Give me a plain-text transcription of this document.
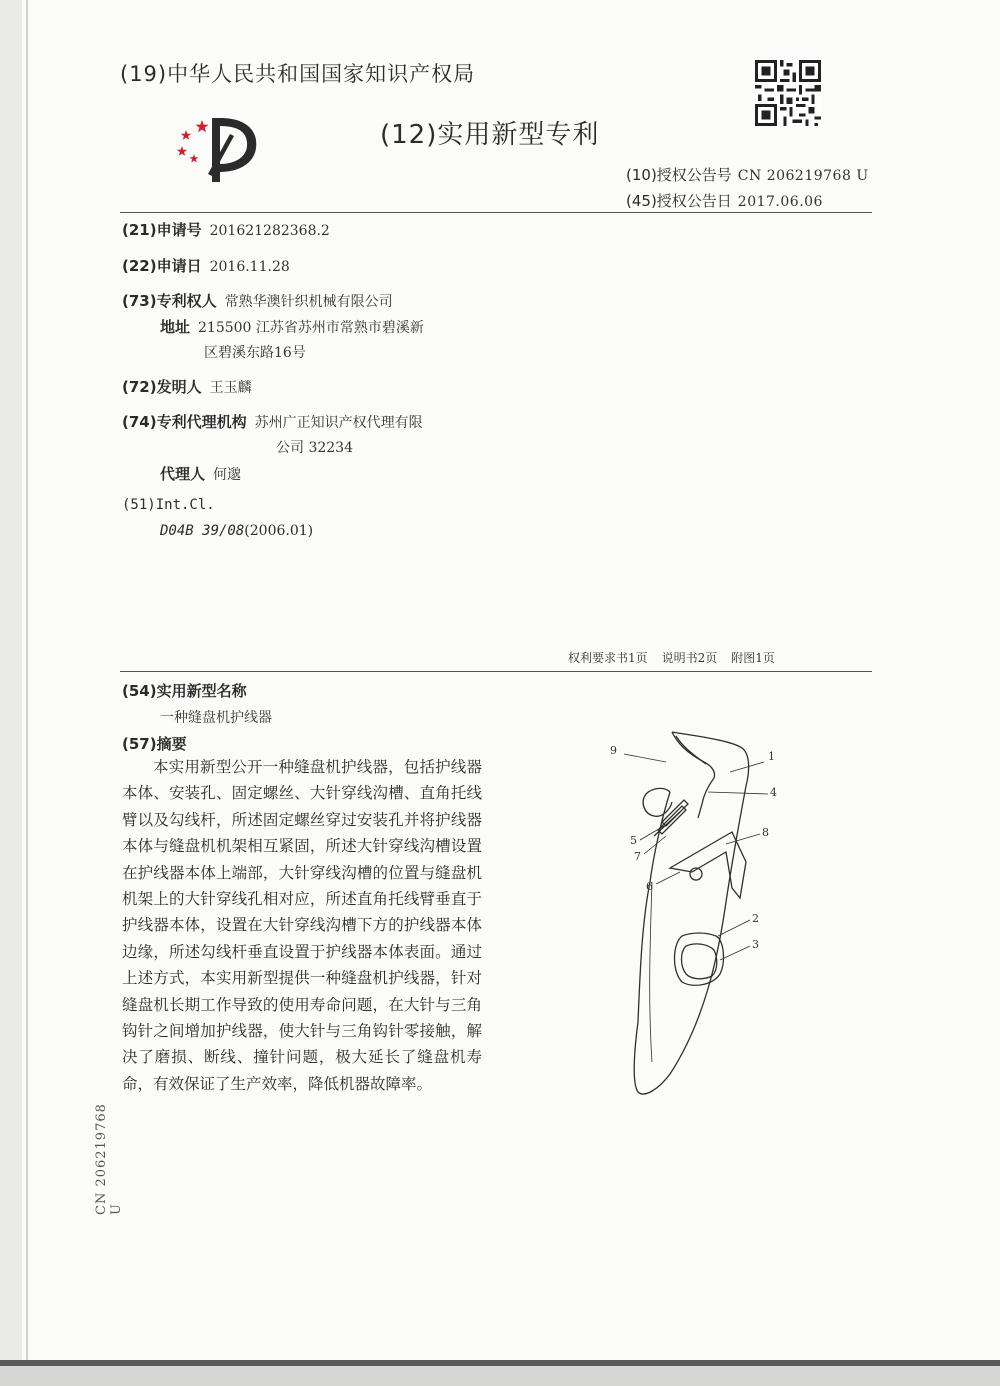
(19)中华人民共和国国家知识产权局
(12)实用新型专利
(10)授权公告号 CN 206219768 U
(45)授权公告日 2017.06.06
(21)申请号 201621282368.2
(22)申请日 2016.11.28
(73)专利权人 常熟华澳针织机械有限公司
地址 215500 江苏省苏州市常熟市碧溪新
区碧溪东路16号
(72)发明人 王玉麟
(74)专利代理机构 苏州广正知识产权代理有限
公司 32234
代理人 何邈
(51)Int.Cl.
D04B 39/08(2006.01)
权利要求书1页 说明书2页 附图1页
(54)实用新型名称
一种缝盘机护线器
(57)摘要
本实用新型公开一种缝盘机护线器，包括护线器本体、安装孔、固定螺丝、大针穿线沟槽、直角托线臂以及勾线杆，所述固定螺丝穿过安装孔并将护线器本体与缝盘机机架相互紧固，所述大针穿线沟槽设置在护线器本体上端部，大针穿线沟槽的位置与缝盘机机架上的大针穿线孔相对应，所述直角托线臂垂直于护线器本体，设置在大针穿线沟槽下方的护线器本体边缘，所述勾线杆垂直设置于护线器本体表面。通过上述方式，本实用新型提供一种缝盘机护线器，针对缝盘机长期工作导致的使用寿命问题，在大针与三角钩针之间增加护线器，使大针与三角钩针零接触，解决了磨损、断线、撞针问题，极大延长了缝盘机寿命，有效保证了生产效率，降低机器故障率。
CN 206219768 U
9	1
4
5
7
8
6
2
3
